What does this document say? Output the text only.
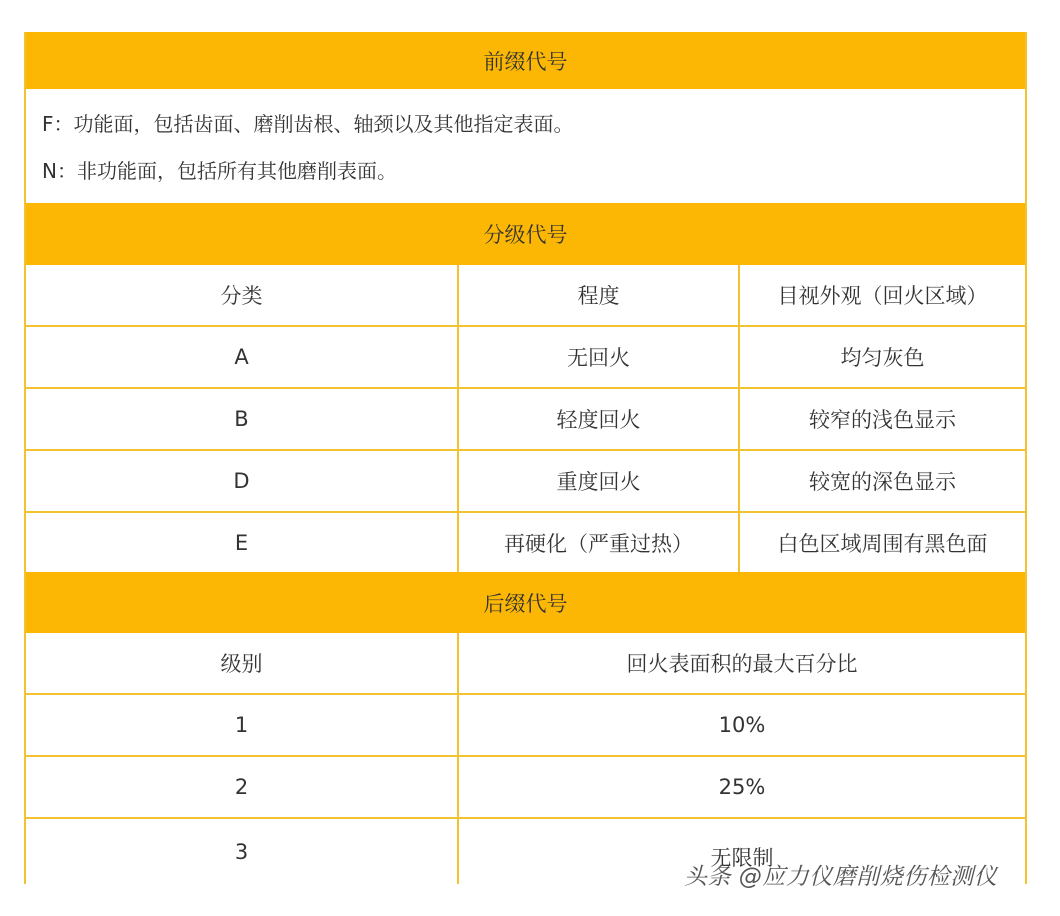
前缀代号
F：功能面，包括齿面、磨削齿根、轴颈以及其他指定表面。
N：非功能面，包括所有其他磨削表面。
分级代号
分类	程度	目视外观（回火区域）
A	无回火	均匀灰色
B	轻度回火	较窄的浅色显示
D	重度回火	较宽的深色显示
E	再硬化（严重过热）	白色区域周围有黑色面
后缀代号
级别	回火表面积的最大百分比
1	10%
2	25%
3	无限制
头条 @应力仪磨削烧伤检测仪
